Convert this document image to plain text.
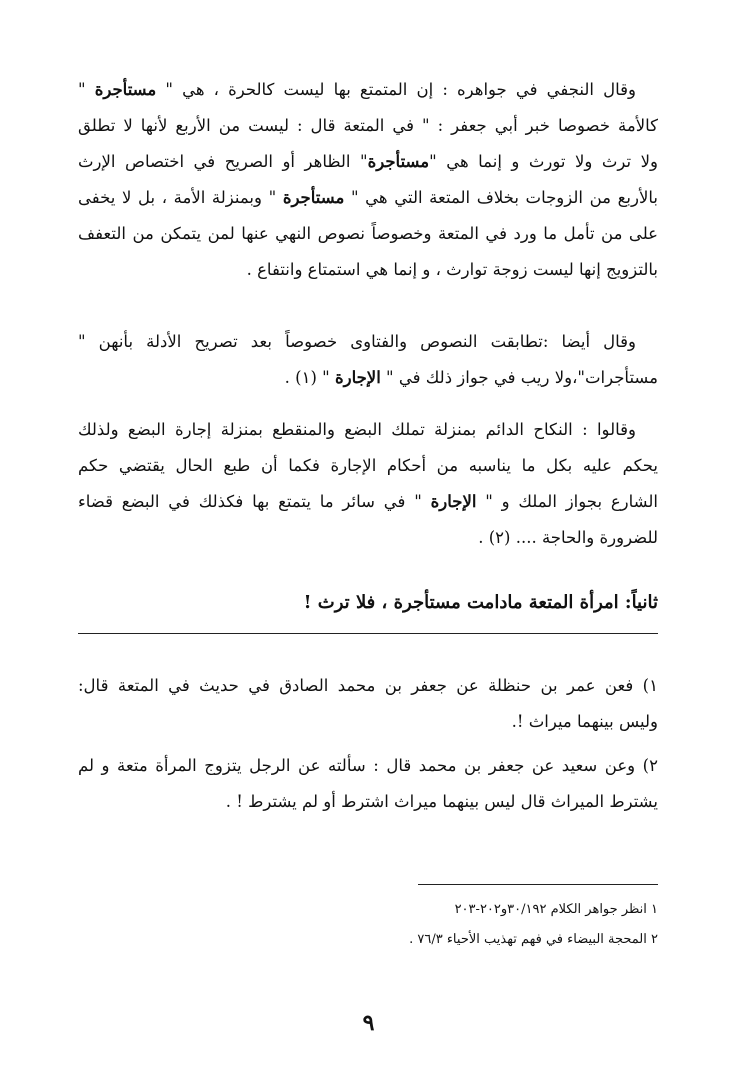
وقال النجفي في جواهره : إن المتمتع بها ليست كالحرة ، هي " مستأجرة "
كالأمة خصوصا خبر أبي جعفر : " في المتعة قال : ليست من الأربع لأنها لا تطلق
ولا ترث ولا تورث و إنما هي "مستأجرة" الظاهر أو الصريح في اختصاص الإرث
بالأربع من الزوجات بخلاف المتعة التي هي " مستأجرة " وبمنزلة الأمة ، بل لا يخفى
على من تأمل ما ورد في المتعة وخصوصاً نصوص النهي عنها لمن يتمكن من التعفف
بالتزويج إنها ليست زوجة توارث ، و إنما هي استمتاع وانتفاع .
وقال أيضا :تطابقت النصوص والفتاوى خصوصاً بعد تصريح الأدلة بأنهن "
مستأجرات"،ولا ريب في جواز ذلك في " الإجارة " (١) .
وقالوا : النكاح الدائم بمنزلة تملك البضع والمنقطع بمنزلة إجارة البضع ولذلك
يحكم عليه بكل ما يناسبه من أحكام الإجارة فكما أن طبع الحال يقتضي حكم
الشارع بجواز الملك و " الإجارة " في سائر ما يتمتع بها فكذلك في البضع قضاء
للضرورة والحاجة .... (٢) .
ثانياً: امرأة المتعة مادامت مستأجرة ، فلا ترث !
١) فعن عمر بن حنظلة عن جعفر بن محمد الصادق في حديث في المتعة قال:
وليس بينهما ميراث !.
٢) وعن سعيد عن جعفر بن محمد قال : سألته عن الرجل يتزوج المرأة متعة و لم
يشترط الميراث قال ليس بينهما ميراث اشترط أو لم يشترط ! .
١ انظر جواهر الكلام ٣٠/١٩٢و٢٠٢-٢٠٣
٢ المحجة البيضاء في فهم تهذيب الأحياء ٧٦/٣ .
٩
